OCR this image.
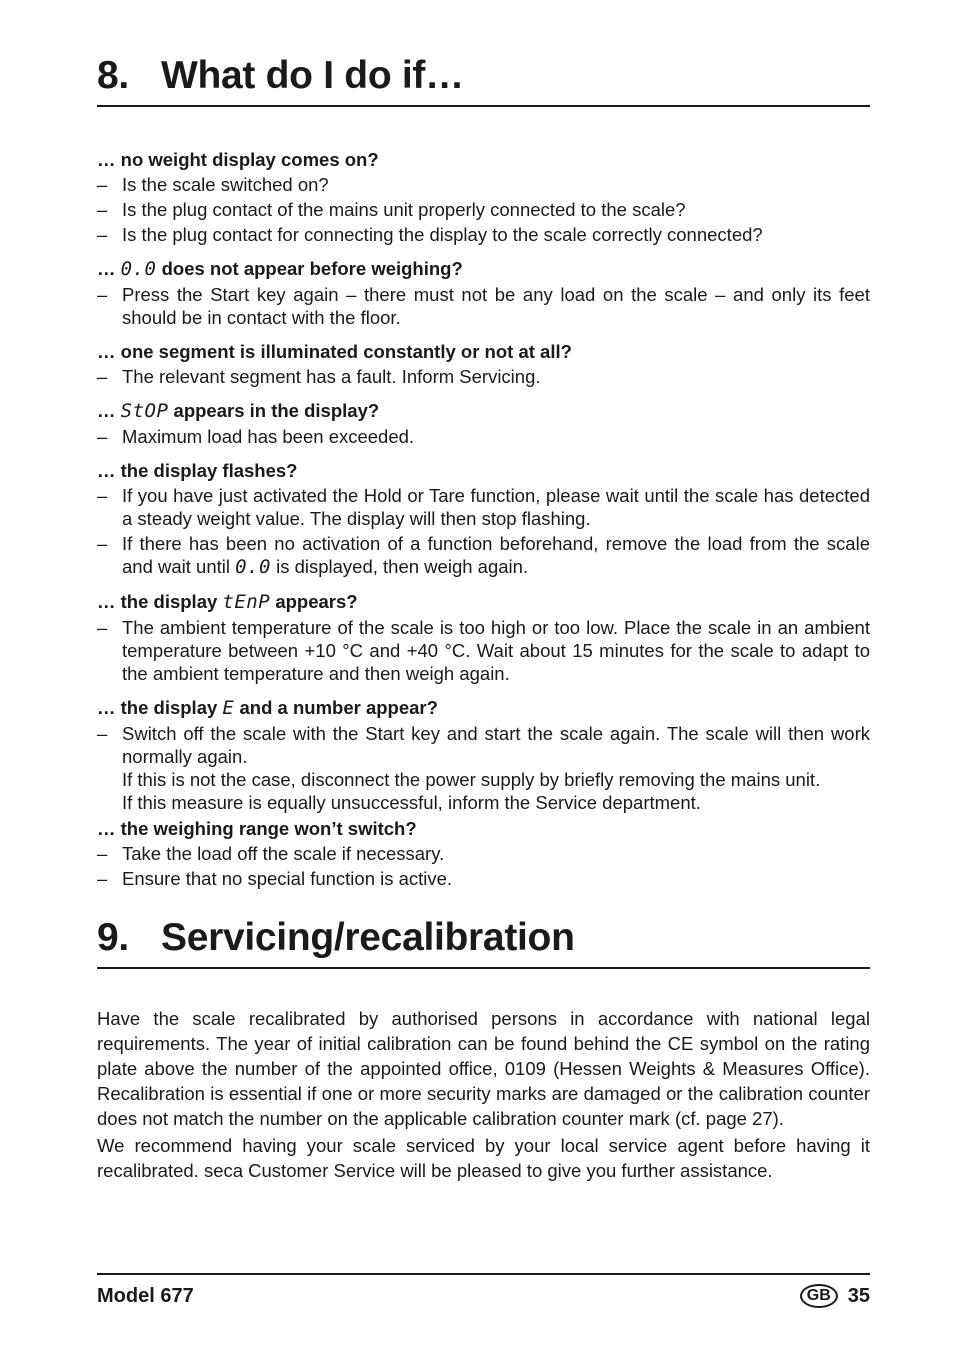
8. What do I do if…
… no weight display comes on?
– Is the scale switched on?
– Is the plug contact of the mains unit properly connected to the scale?
– Is the plug contact for connecting the display to the scale correctly connected?
… 0.0 does not appear before weighing?
– Press the Start key again – there must not be any load on the scale – and only its feet should be in contact with the floor.
… one segment is illuminated constantly or not at all?
– The relevant segment has a fault. Inform Servicing.
… StOP appears in the display?
– Maximum load has been exceeded.
… the display flashes?
– If you have just activated the Hold or Tare function, please wait until the scale has detected a steady weight value. The display will then stop flashing.
– If there has been no activation of a function beforehand, remove the load from the scale and wait until 0.0 is displayed, then weigh again.
… the display tEnP appears?
– The ambient temperature of the scale is too high or too low. Place the scale in an ambient temperature between +10 °C and +40 °C. Wait about 15 minutes for the scale to adapt to the ambient temperature and then weigh again.
… the display E and a number appear?
– Switch off the scale with the Start key and start the scale again. The scale will then work normally again.
If this is not the case, disconnect the power supply by briefly removing the mains unit.
If this measure is equally unsuccessful, inform the Service department.
… the weighing range won’t switch?
– Take the load off the scale if necessary.
– Ensure that no special function is active.
9. Servicing/recalibration
Have the scale recalibrated by authorised persons in accordance with national legal requirements. The year of initial calibration can be found behind the CE symbol on the rating plate above the number of the appointed office, 0109 (Hessen Weights & Measures Office). Recalibration is essential if one or more security marks are damaged or the calibration counter does not match the number on the applicable calibration counter mark (cf. page 27).
We recommend having your scale serviced by your local service agent before having it recalibrated. seca Customer Service will be pleased to give you further assistance.
Model 677	GB 35
